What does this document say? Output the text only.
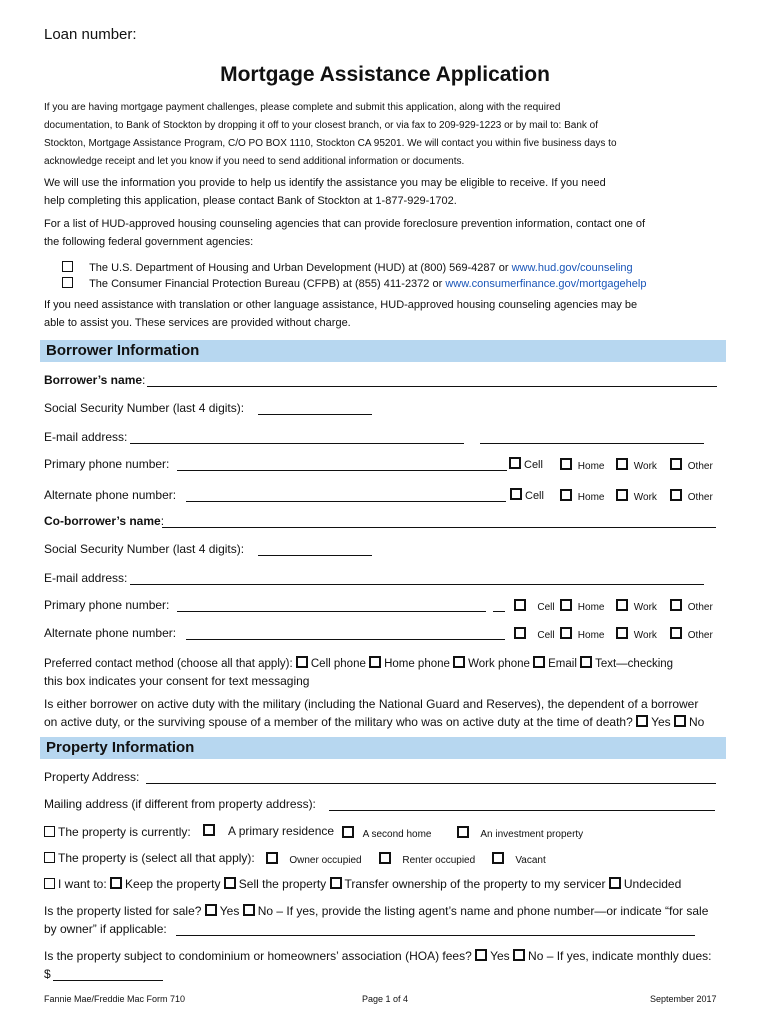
Loan number:
Mortgage Assistance Application
If you are having mortgage payment challenges, please complete and submit this application, along with the required
documentation, to Bank of Stockton by dropping it off to your closest branch, or via fax to 209-929-1223 or by mail to: Bank of
Stockton, Mortgage Assistance Program, C/O PO BOX 1110, Stockton CA 95201. We will contact you within five business days to
acknowledge receipt and let you know if you need to send additional information or documents.
We will use the information you provide to help us identify the assistance you may be eligible to receive. If you need
help completing this application, please contact Bank of Stockton at 1-877-929-1702.
For a list of HUD-approved housing counseling agencies that can provide foreclosure prevention information, contact one of
the following federal government agencies:
The U.S. Department of Housing and Urban Development (HUD) at (800) 569-4287 or www.hud.gov/counseling
The Consumer Financial Protection Bureau (CFPB) at (855) 411-2372 or www.consumerfinance.gov/mortgagehelp
If you need assistance with translation or other language assistance, HUD-approved housing counseling agencies may be
able to assist you. These services are provided without charge.
Borrower Information
Borrower’s name:
Social Security Number (last 4 digits):
E-mail address:
Primary phone number:	Cell	Home	Work	Other
Alternate phone number:	Cell	Home	Work	Other
Co-borrower’s name:
Social Security Number (last 4 digits):
E-mail address:
Primary phone number:	Cell	Home	Work	Other
Alternate phone number:	Cell	Home	Work	Other
Preferred contact method (choose all that apply): Cell phone Home phone Work phone Email Text—checking
this box indicates your consent for text messaging
Is either borrower on active duty with the military (including the National Guard and Reserves), the dependent of a borrower
on active duty, or the surviving spouse of a member of the military who was on active duty at the time of death? Yes No
Property Information
Property Address:
Mailing address (if different from property address):
The property is currently:	A primary residence	A second home	An investment property
The property is (select all that apply):	Owner occupied	Renter occupied	Vacant
I want to: Keep the property Sell the property Transfer ownership of the property to my servicer Undecided
Is the property listed for sale? Yes No – If yes, provide the listing agent’s name and phone number—or indicate “for sale
by owner” if applicable:
Is the property subject to condominium or homeowners’ association (HOA) fees? Yes No – If yes, indicate monthly dues:
$
Fannie Mae/Freddie Mac Form 710	Page 1 of 4	September 2017
